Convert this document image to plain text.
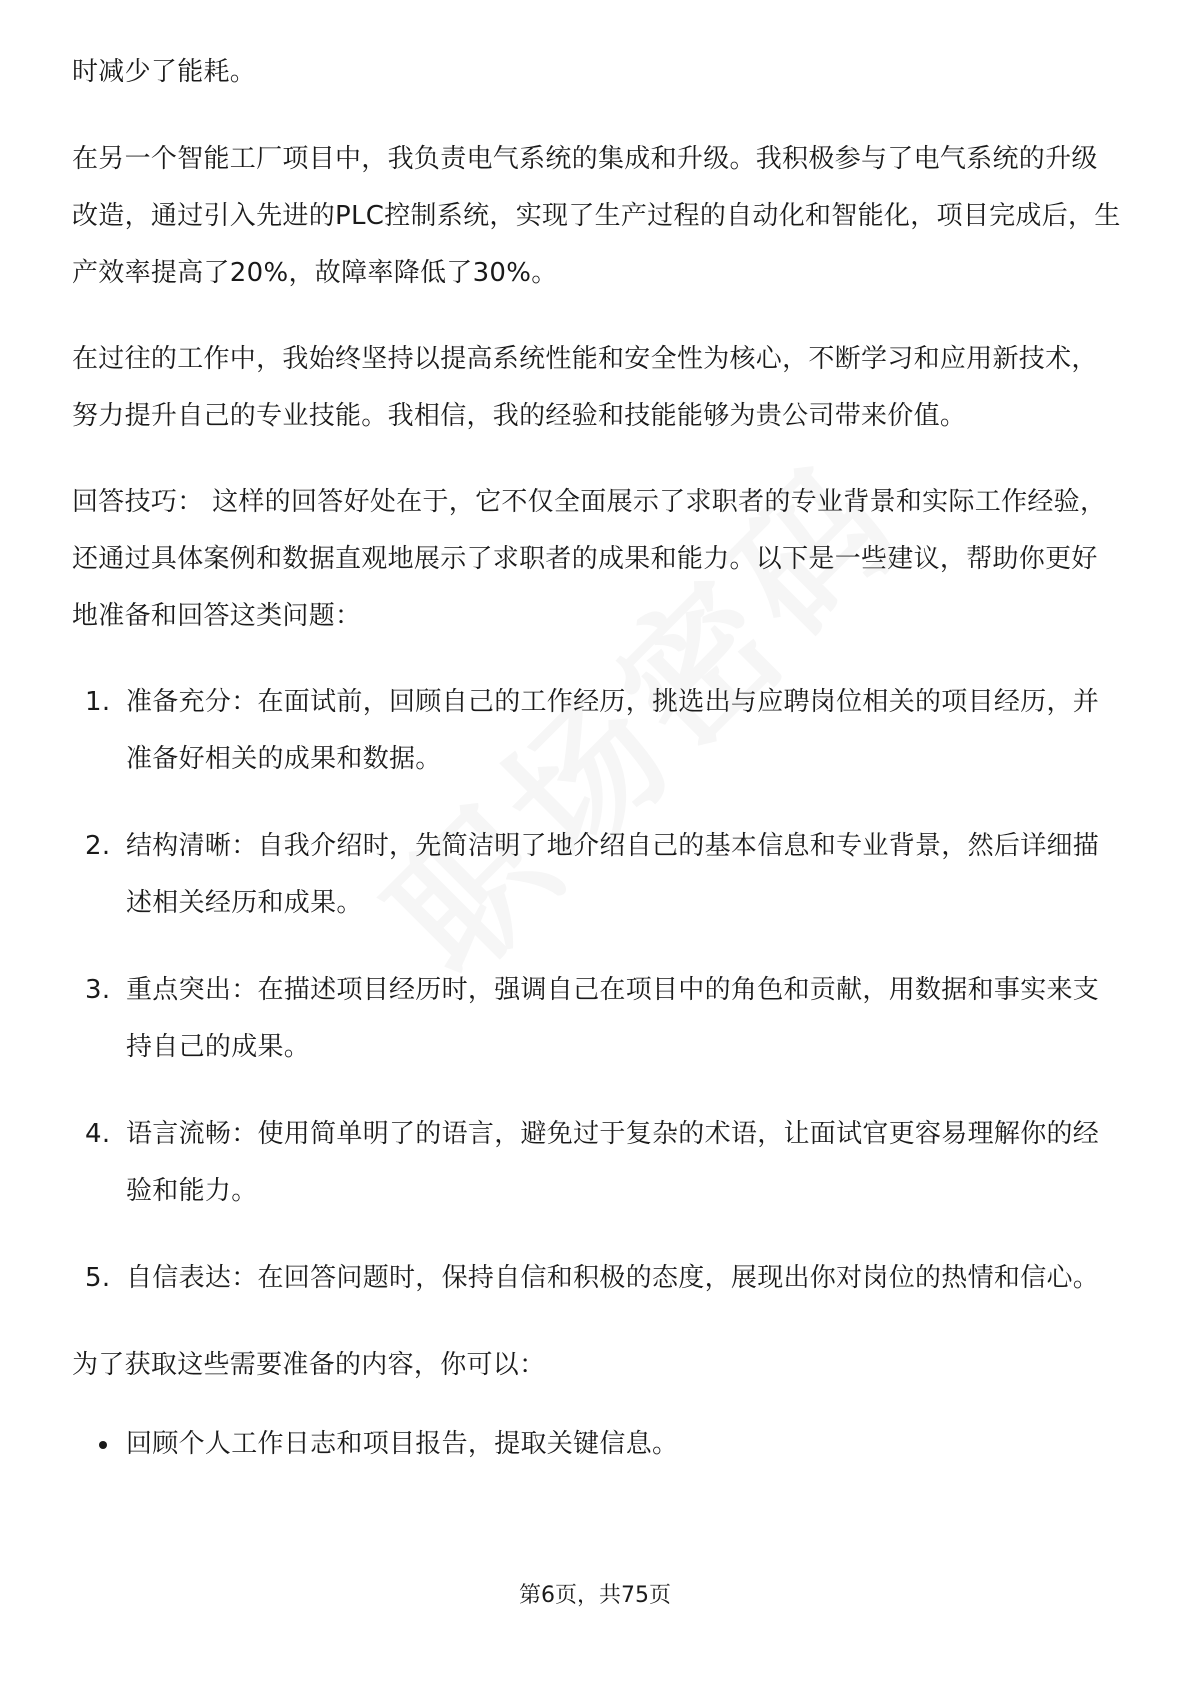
时减少了能耗。

在另一个智能工厂项目中，我负责电气系统的集成和升级。我积极参与了电气系统的升级改造，通过引入先进的PLC控制系统，实现了生产过程的自动化和智能化，项目完成后，生产效率提高了20%，故障率降低了30%。

在过往的工作中，我始终坚持以提高系统性能和安全性为核心，不断学习和应用新技术，努力提升自己的专业技能。我相信，我的经验和技能能够为贵公司带来价值。

回答技巧： 这样的回答好处在于，它不仅全面展示了求职者的专业背景和实际工作经验，还通过具体案例和数据直观地展示了求职者的成果和能力。以下是一些建议，帮助你更好地准备和回答这类问题：

1. 准备充分：在面试前，回顾自己的工作经历，挑选出与应聘岗位相关的项目经历，并准备好相关的成果和数据。
2. 结构清晰：自我介绍时，先简洁明了地介绍自己的基本信息和专业背景，然后详细描述相关经历和成果。
3. 重点突出：在描述项目经历时，强调自己在项目中的角色和贡献，用数据和事实来支持自己的成果。
4. 语言流畅：使用简单明了的语言，避免过于复杂的术语，让面试官更容易理解你的经验和能力。
5. 自信表达：在回答问题时，保持自信和积极的态度，展现出你对岗位的热情和信心。

为了获取这些需要准备的内容，你可以：

回顾个人工作日志和项目报告，提取关键信息。
第6页，共75页
